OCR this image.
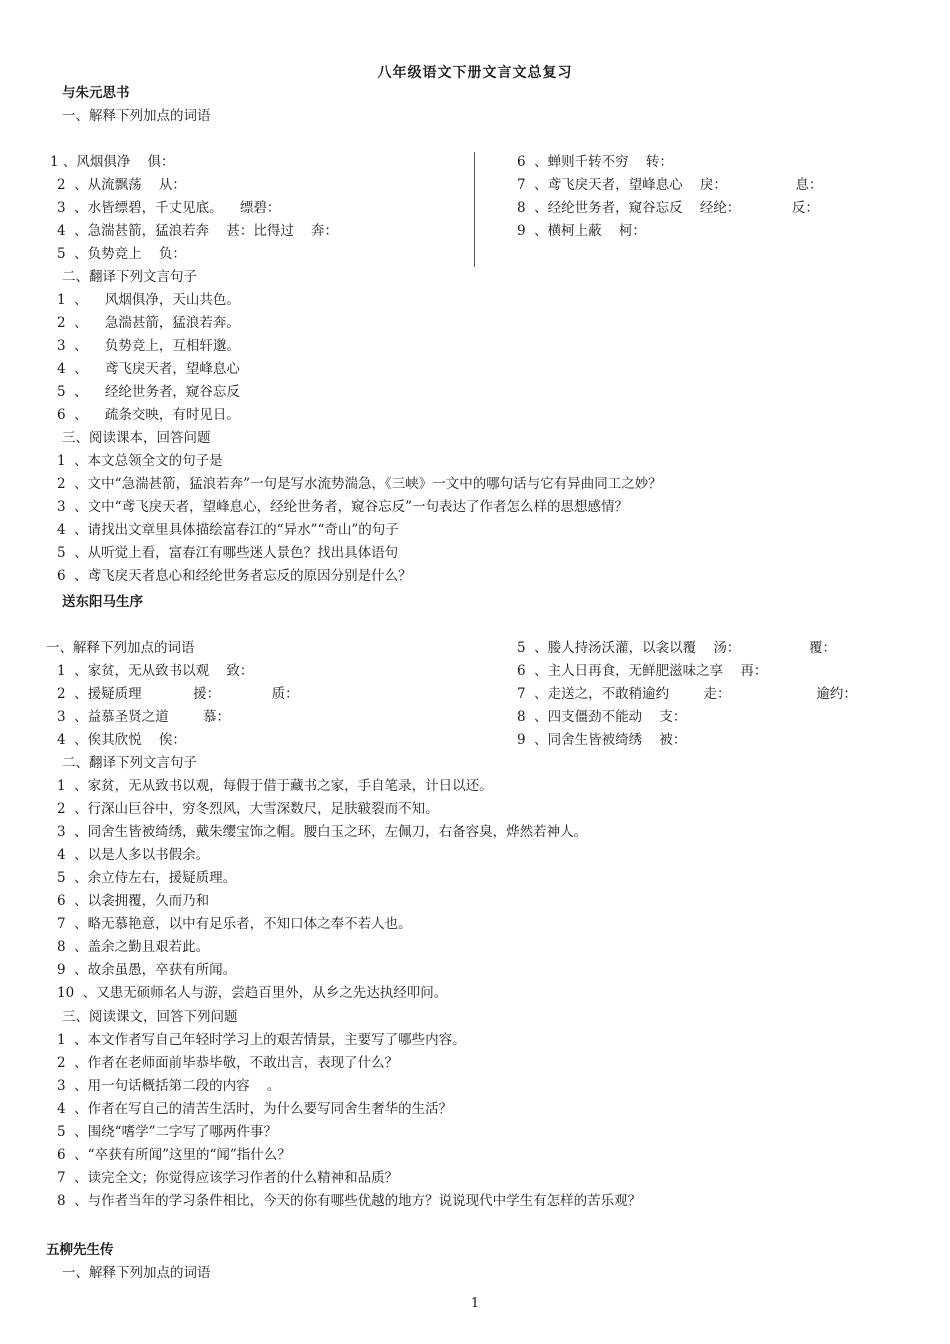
八年级语文下册文言文总复习
与朱元思书
一、解释下列加点的词语
1 、风烟俱净    俱：
2  、从流飘荡    从：
3  、水皆缥碧，千丈见底。    缥碧：
4  、急湍甚箭，猛浪若奔    甚：比得过    奔：
5  、负势竞上    负：
6  、蝉则千转不穷    转：
7  、鸢飞戾天者，望峰息心    戾：                息：
8  、经纶世务者，窥谷忘反    经纶：            反：
9  、横柯上蔽    柯：
二、翻译下列文言句子
1  、    风烟俱净，天山共色。
2  、    急湍甚箭，猛浪若奔。
3  、    负势竞上，互相轩邈。
4  、    鸢飞戾天者，望峰息心
5  、    经纶世务者，窥谷忘反
6  、    疏条交映，有时见日。
三、阅读课本，回答问题
1  、本文总领全文的句子是
2  、文中“急湍甚箭，猛浪若奔”一句是写水流势湍急，《三峡》一文中的哪句话与它有异曲同工之妙？
3  、文中“鸢飞戾天者，望峰息心，经纶世务者，窥谷忘反”一句表达了作者怎么样的思想感情？
4  、请找出文章里具体描绘富春江的“异水”“奇山”的句子
5  、从听觉上看，富春江有哪些迷人景色？找出具体语句
6  、鸢飞戾天者息心和经纶世务者忘反的原因分别是什么？
送东阳马生序
一、解释下列加点的词语
1  、家贫，无从致书以观    致：
2  、援疑质理            援：            质：
3  、益慕圣贤之道        慕：
4  、俟其欣悦    俟：
5  、媵人持汤沃灌，以衾以覆    汤：                覆：
6  、主人日再食，无鲜肥滋味之享    再：
7  、走送之，不敢稍逾约        走：                    逾约：
8  、四支僵劲不能动    支：
9  、同舍生皆被绮绣    被：
二、翻译下列文言句子
1  、家贫，无从致书以观，每假于借于藏书之家，手自笔录，计日以还。
2  、行深山巨谷中，穷冬烈风，大雪深数尺，足肤皲裂而不知。
3  、同舍生皆被绮绣，戴朱缨宝饰之帽。腰白玉之环，左佩刀，右备容臭，烨然若神人。
4  、以是人多以书假余。
5  、余立侍左右，援疑质理。
6  、以衾拥覆，久而乃和
7  、略无慕艳意，以中有足乐者，不知口体之奉不若人也。
8  、盖余之勤且艰若此。
9  、故余虽愚，卒获有所闻。
10  、又患无硕师名人与游，尝趋百里外，从乡之先达执经叩问。
三、阅读课文，回答下列问题
1  、本文作者写自己年轻时学习上的艰苦情景，主要写了哪些内容。
2  、作者在老师面前毕恭毕敬，不敢出言，表现了什么？
3  、用一句话概括第二段的内容    。
4  、作者在写自己的清苦生活时，为什么要写同舍生奢华的生活？
5  、围绕“嗜学”二字写了哪两件事？
6  、“卒获有所闻”这里的“闻”指什么？
7  、读完全文；你觉得应该学习作者的什么精神和品质？
8  、与作者当年的学习条件相比，今天的你有哪些优越的地方？说说现代中学生有怎样的苦乐观？
五柳先生传
一、解释下列加点的词语
1
